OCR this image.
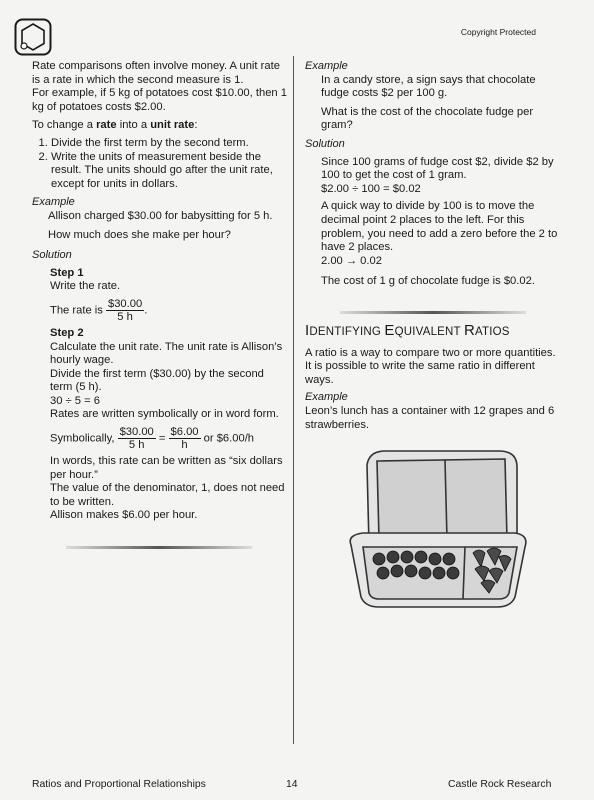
Copyright Protected

Rate comparisons often involve money. A unit rate is a rate in which the second measure is 1.

For example, if 5 kg of potatoes cost $10.00, then 1 kg of potatoes costs $2.00.

To change a rate into a unit rate:

1. Divide the first term by the second term.
2. Write the units of measurement beside the result. The units should go after the unit rate, except for units in dollars.

Example

Allison charged $30.00 for babysitting for 5 h.

How much does she make per hour?

Solution

Step 1

Write the rate.

The rate is $\frac{\$30.00}{5 h}$ .

Step 2

Calculate the unit rate. The unit rate is Allison’s hourly wage.

Divide the first term ($30.00) by the second term (5 h).

30 ÷ 5 = 6

Rates are written symbolically or in word form.

Symbolically, $\frac{\$30.00}{5 h} = \frac{\$6.00}{h}$ or $6.00/h

In words, this rate can be written as “six dollars per hour.”

The value of the denominator, 1, does not need to be written.

Allison makes $6.00 per hour.

Example

In a candy store, a sign says that chocolate fudge costs $2 per 100 g.

What is the cost of the chocolate fudge per gram?

Solution

Since 100 grams of fudge cost $2, divide $2 by 100 to get the cost of 1 gram.

$2.00 ÷ 100 = $0.02

A quick way to divide by 100 is to move the decimal point 2 places to the left. For this problem, you need to add a zero before the 2 to have 2 places.

2.00 → 0.02

The cost of 1 g of chocolate fudge is $0.02.

IDENTIFYING EQUIVALENT RATIOS

A ratio is a way to compare two or more quantities. It is possible to write the same ratio in different ways.

Example

Leon’s lunch has a container with 12 grapes and 6 strawberries.

Ratios and Proportional Relationships	14	Castle Rock Research
